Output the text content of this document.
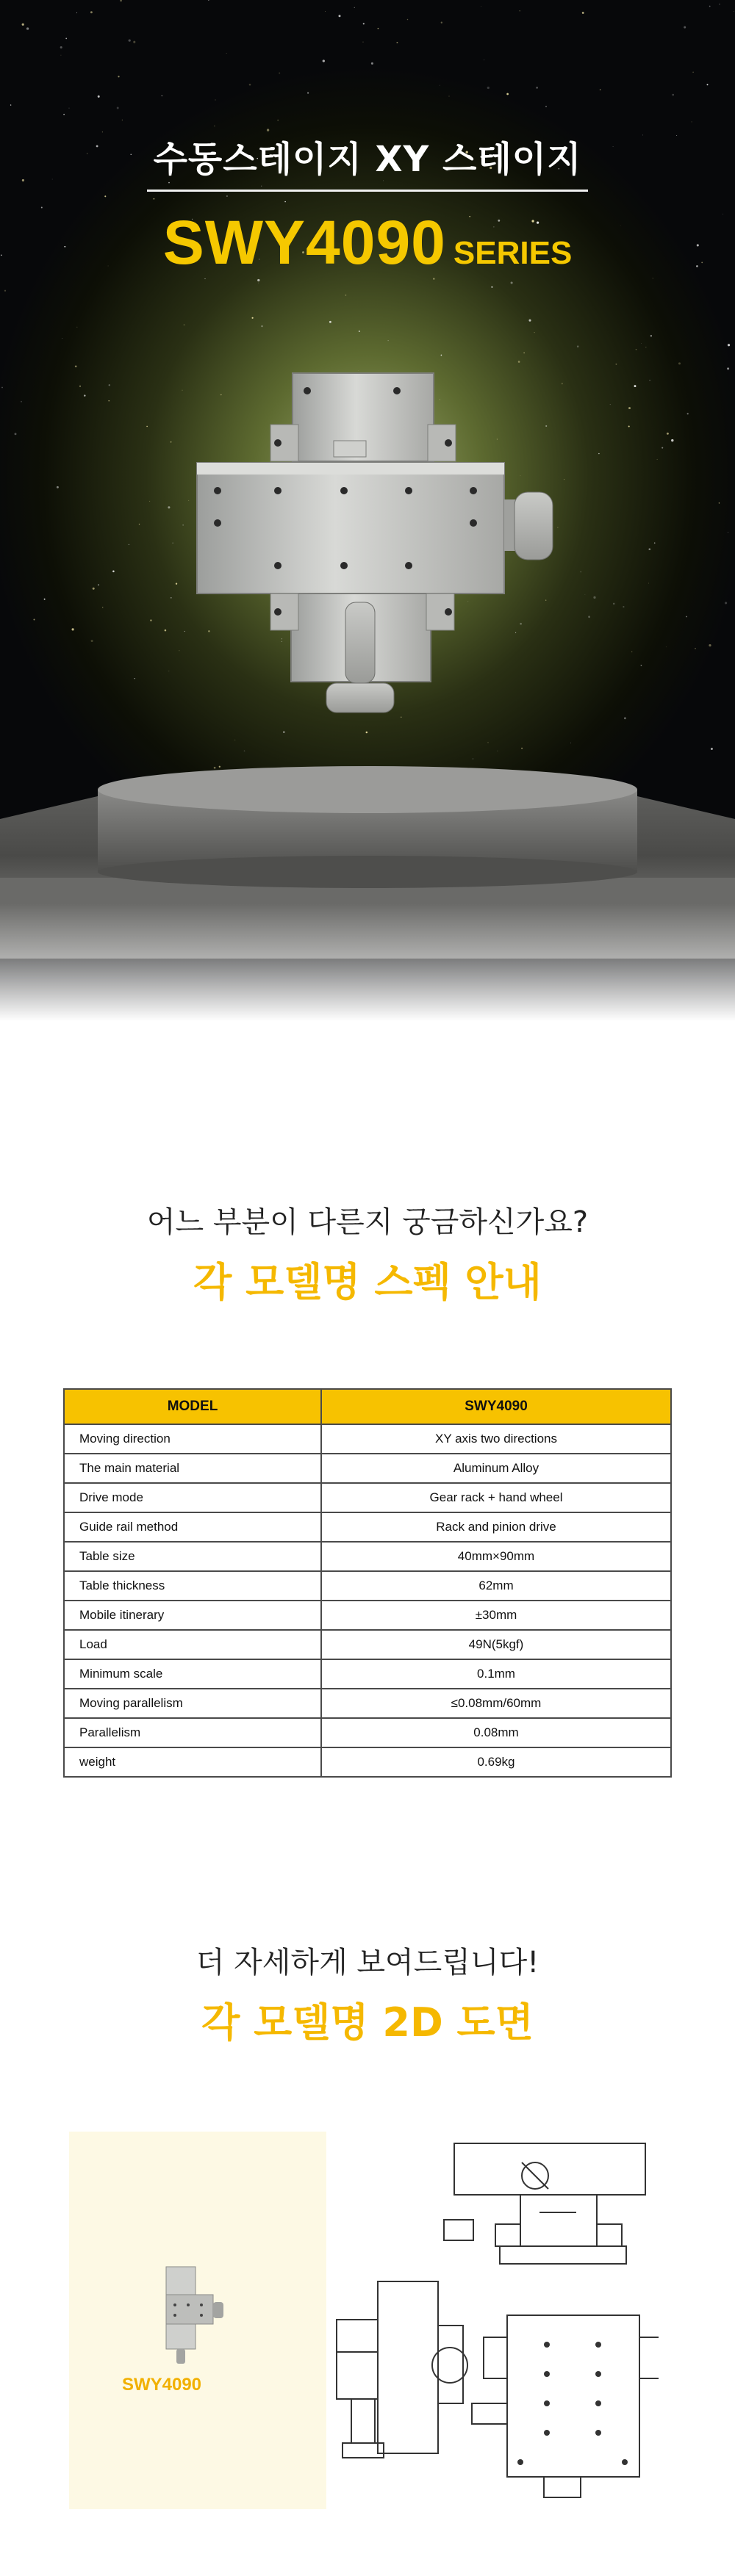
수동스테이지 XY 스테이지
SWY4090 SERIES
어느 부분이 다른지 궁금하신가요?
각 모델명 스펙 안내
MODEL	SWY4090
Moving direction	XY axis two directions
The main material	Aluminum Alloy
Drive mode	Gear rack + hand wheel
Guide rail method	Rack and pinion drive
Table size	40mm×90mm
Table thickness	62mm
Mobile itinerary	±30mm
Load	49N(5kgf)
Minimum scale	0.1mm
Moving parallelism	≤0.08mm/60mm
Parallelism	0.08mm
weight	0.69kg
더 자세하게 보여드립니다!
각 모델명 2D 도면
SWY4090
